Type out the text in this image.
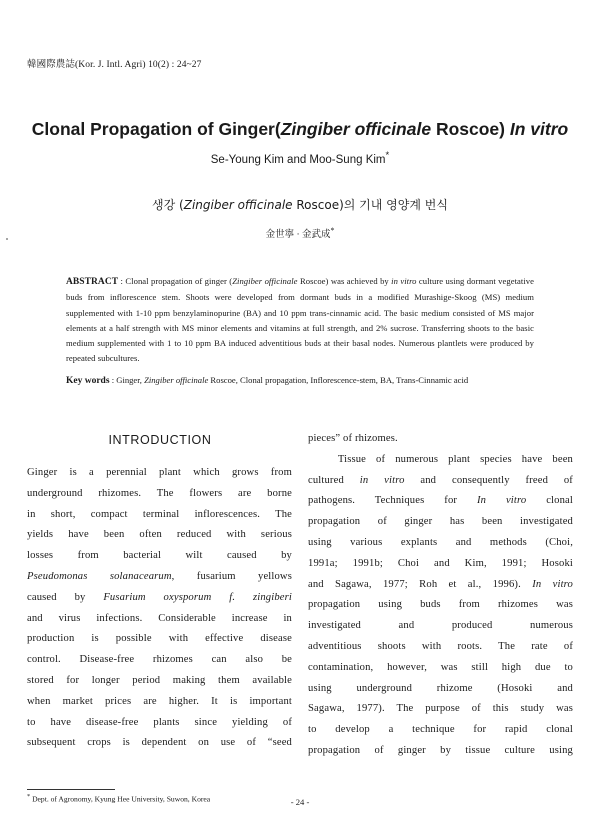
韓國際農誌(Kor. J. Intl. Agri) 10(2) : 24~27
Clonal Propagation of Ginger(Zingiber officinale Roscoe) In vitro
Se-Young Kim and Moo-Sung Kim*
생강 (Zingiber officinale Roscoe)의 기내 영양계 번식
金世寧 · 金武成*
ABSTRACT : Clonal propagation of ginger (Zingiber officinale Roscoe) was achieved by in vitro culture using dormant vegetative buds from inflorescence stem. Shoots were developed from dormant buds in a modified Murashige-Skoog (MS) medium supplemented with 1-10 ppm benzylaminopurine (BA) and 10 ppm trans-cinnamic acid. The basic medium consisted of MS major elements at a half strength with MS minor elements and vitamins at full strength, and 2% sucrose. Transferring shoots to the basic medium supplemented with 1 to 10 ppm BA induced adventitious buds at their basal nodes. Numerous plantlets were produced by repeated subcultures.
Key words : Ginger, Zingiber officinale Roscoe, Clonal propagation, Inflorescence-stem, BA, Trans-Cinnamic acid
INTRODUCTION
Ginger is a perennial plant which grows from
underground rhizomes. The flowers are borne
in short, compact terminal inflorescences. The
yields have been often reduced with serious
losses from bacterial wilt caused by
Pseudomonas solanacearum, fusarium yellows
caused by Fusarium oxysporum f. zingiberi
and virus infections. Considerable increase in
production is possible with effective disease
control. Disease-free rhizomes can also be
stored for longer period making them available
when market prices are higher. It is important
to have disease-free plants since yielding of
subsequent crops is dependent on use of “seed
pieces” of rhizomes.
Tissue of numerous plant species have been
cultured in vitro and consequently freed of
pathogens. Techniques for In vitro clonal
propagation of ginger has been investigated
using various explants and methods (Choi,
1991a; 1991b; Choi and Kim, 1991; Hosoki
and Sagawa, 1977; Roh et al., 1996). In vitro
propagation using buds from rhizomes was
investigated and produced numerous
adventitious shoots with roots. The rate of
contamination, however, was still high due to
using underground rhizome (Hosoki and
Sagawa, 1977). The purpose of this study was
to develop a technique for rapid clonal
propagation of ginger by tissue culture using
* Dept. of Agronomy, Kyung Hee University, Suwon, Korea	- 24 -
